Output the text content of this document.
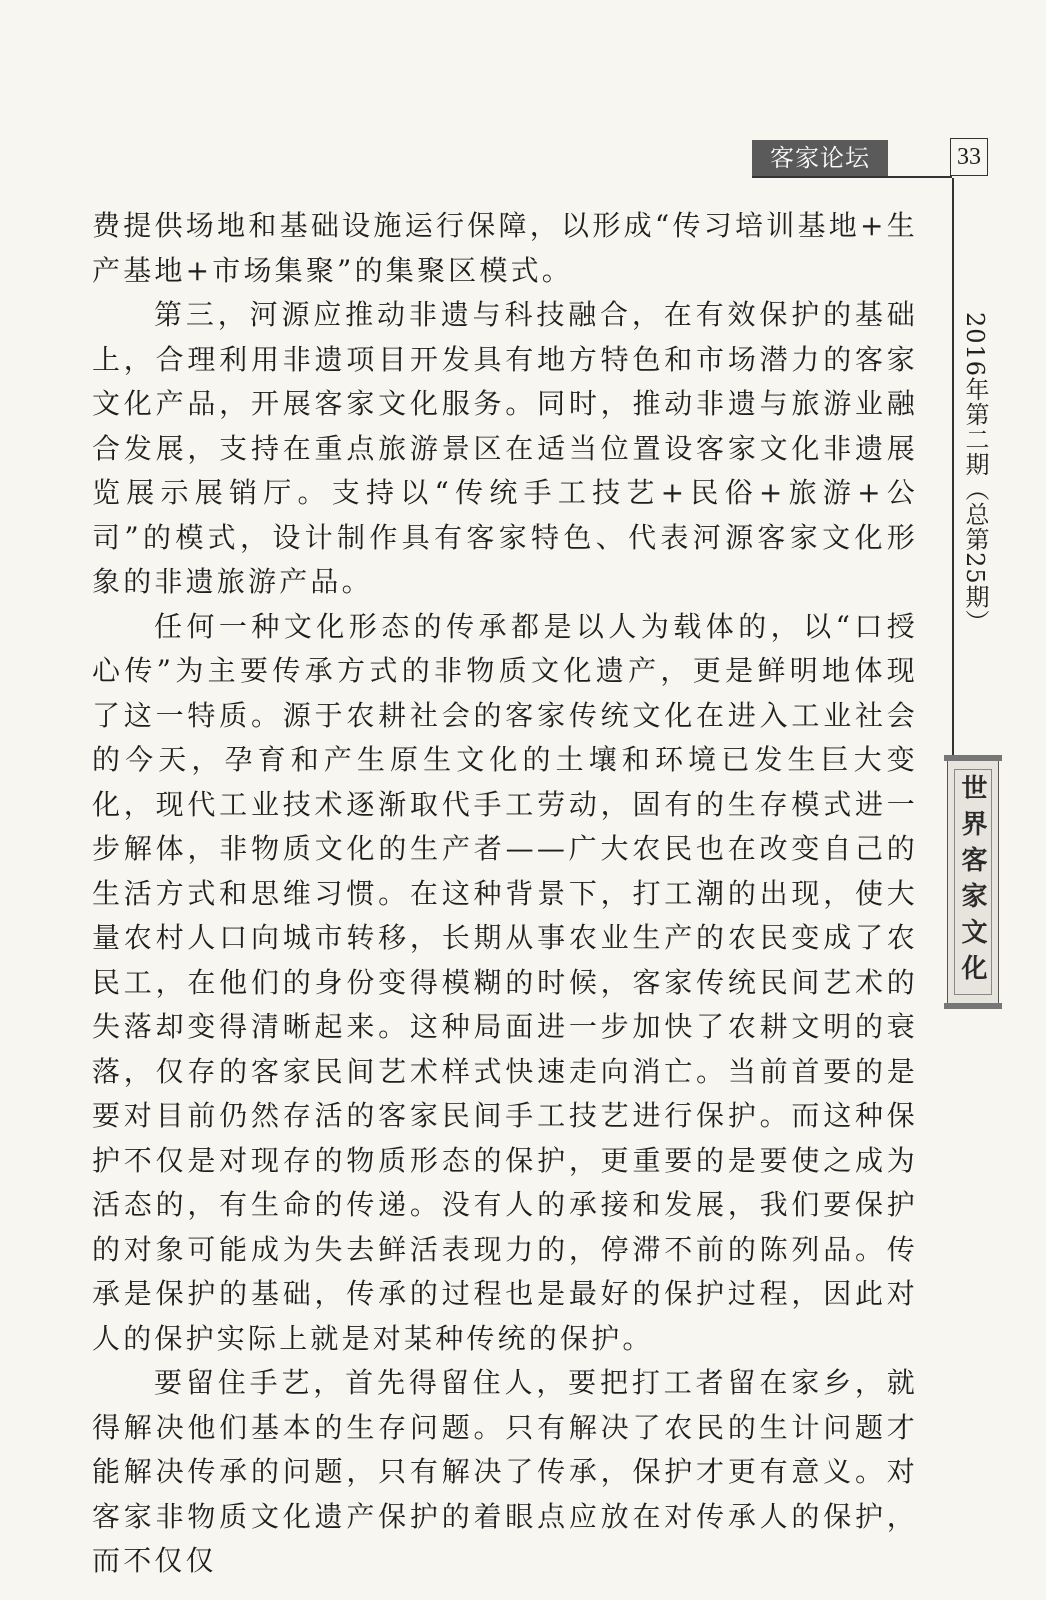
客家论坛	33
2016年第二期（总第25期）
世界客家文化

费提供场地和基础设施运行保障，以形成“传习培训基地+生产基地+市场集聚”的集聚区模式。

第三，河源应推动非遗与科技融合，在有效保护的基础上，合理利用非遗项目开发具有地方特色和市场潜力的客家文化产品，开展客家文化服务。同时，推动非遗与旅游业融合发展，支持在重点旅游景区在适当位置设客家文化非遗展览展示展销厅。支持以“传统手工技艺+民俗+旅游+公司”的模式，设计制作具有客家特色、代表河源客家文化形象的非遗旅游产品。

任何一种文化形态的传承都是以人为载体的，以“口授心传”为主要传承方式的非物质文化遗产，更是鲜明地体现了这一特质。源于农耕社会的客家传统文化在进入工业社会的今天，孕育和产生原生文化的土壤和环境已发生巨大变化，现代工业技术逐渐取代手工劳动，固有的生存模式进一步解体，非物质文化的生产者——广大农民也在改变自己的生活方式和思维习惯。在这种背景下，打工潮的出现，使大量农村人口向城市转移，长期从事农业生产的农民变成了农民工，在他们的身份变得模糊的时候，客家传统民间艺术的失落却变得清晰起来。这种局面进一步加快了农耕文明的衰落，仅存的客家民间艺术样式快速走向消亡。当前首要的是要对目前仍然存活的客家民间手工技艺进行保护。而这种保护不仅是对现存的物质形态的保护，更重要的是要使之成为活态的，有生命的传递。没有人的承接和发展，我们要保护的对象可能成为失去鲜活表现力的，停滞不前的陈列品。传承是保护的基础，传承的过程也是最好的保护过程，因此对人的保护实际上就是对某种传统的保护。

要留住手艺，首先得留住人，要把打工者留在家乡，就得解决他们基本的生存问题。只有解决了农民的生计问题才能解决传承的问题，只有解决了传承，保护才更有意义。对客家非物质文化遗产保护的着眼点应放在对传承人的保护，而不仅仅
